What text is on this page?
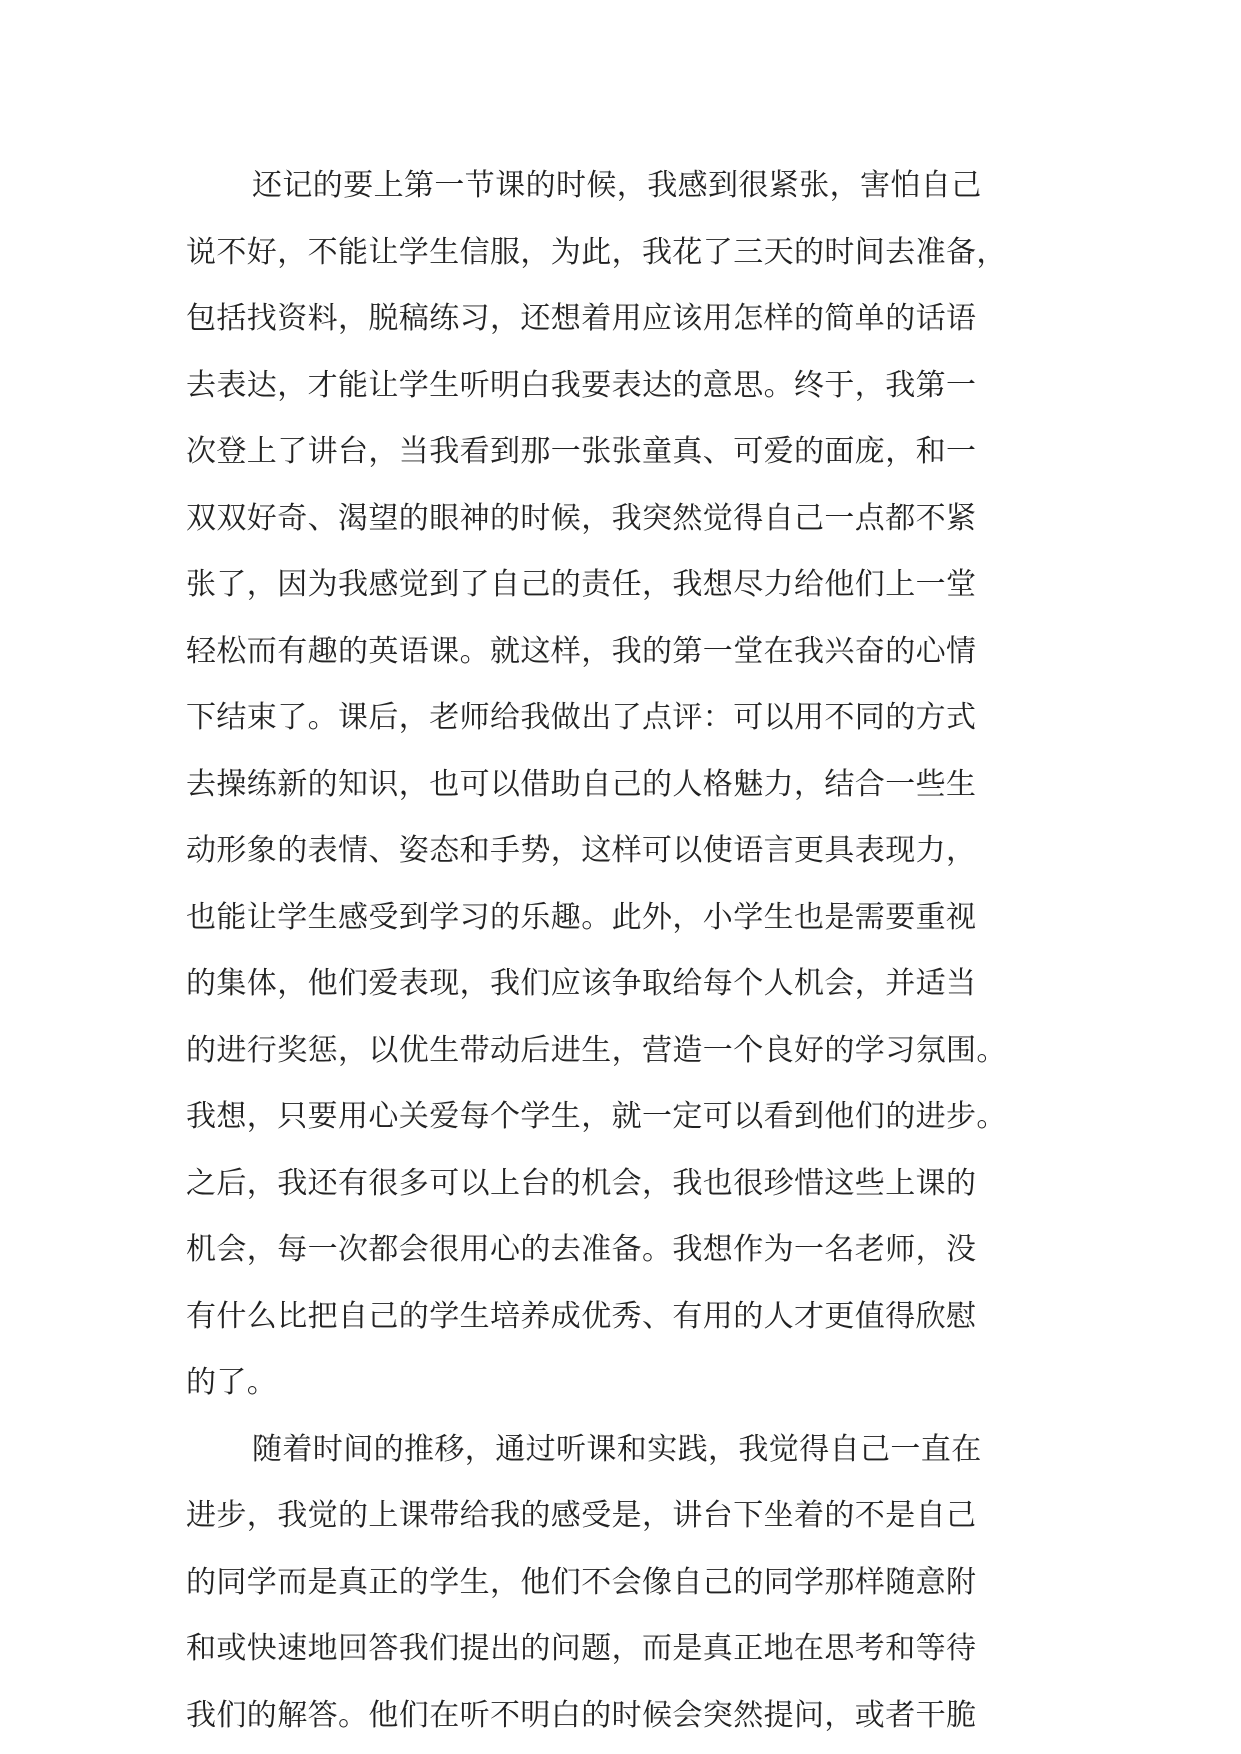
还记的要上第一节课的时候，我感到很紧张，害怕自己
说不好，不能让学生信服，为此，我花了三天的时间去准备，
包括找资料，脱稿练习，还想着用应该用怎样的简单的话语
去表达，才能让学生听明白我要表达的意思。终于，我第一
次登上了讲台，当我看到那一张张童真、可爱的面庞，和一
双双好奇、渴望的眼神的时候，我突然觉得自己一点都不紧
张了，因为我感觉到了自己的责任，我想尽力给他们上一堂
轻松而有趣的英语课。就这样，我的第一堂在我兴奋的心情
下结束了。课后，老师给我做出了点评：可以用不同的方式
去操练新的知识，也可以借助自己的人格魅力，结合一些生
动形象的表情、姿态和手势，这样可以使语言更具表现力，
也能让学生感受到学习的乐趣。此外，小学生也是需要重视
的集体，他们爱表现，我们应该争取给每个人机会，并适当
的进行奖惩，以优生带动后进生，营造一个良好的学习氛围。
我想，只要用心关爱每个学生，就一定可以看到他们的进步。
之后，我还有很多可以上台的机会，我也很珍惜这些上课的
机会，每一次都会很用心的去准备。我想作为一名老师，没
有什么比把自己的学生培养成优秀、有用的人才更值得欣慰
的了。
随着时间的推移，通过听课和实践，我觉得自己一直在
进步，我觉的上课带给我的感受是，讲台下坐着的不是自己
的同学而是真正的学生，他们不会像自己的同学那样随意附
和或快速地回答我们提出的问题，而是真正地在思考和等待
我们的解答。他们在听不明白的时候会突然提问，或者干脆
